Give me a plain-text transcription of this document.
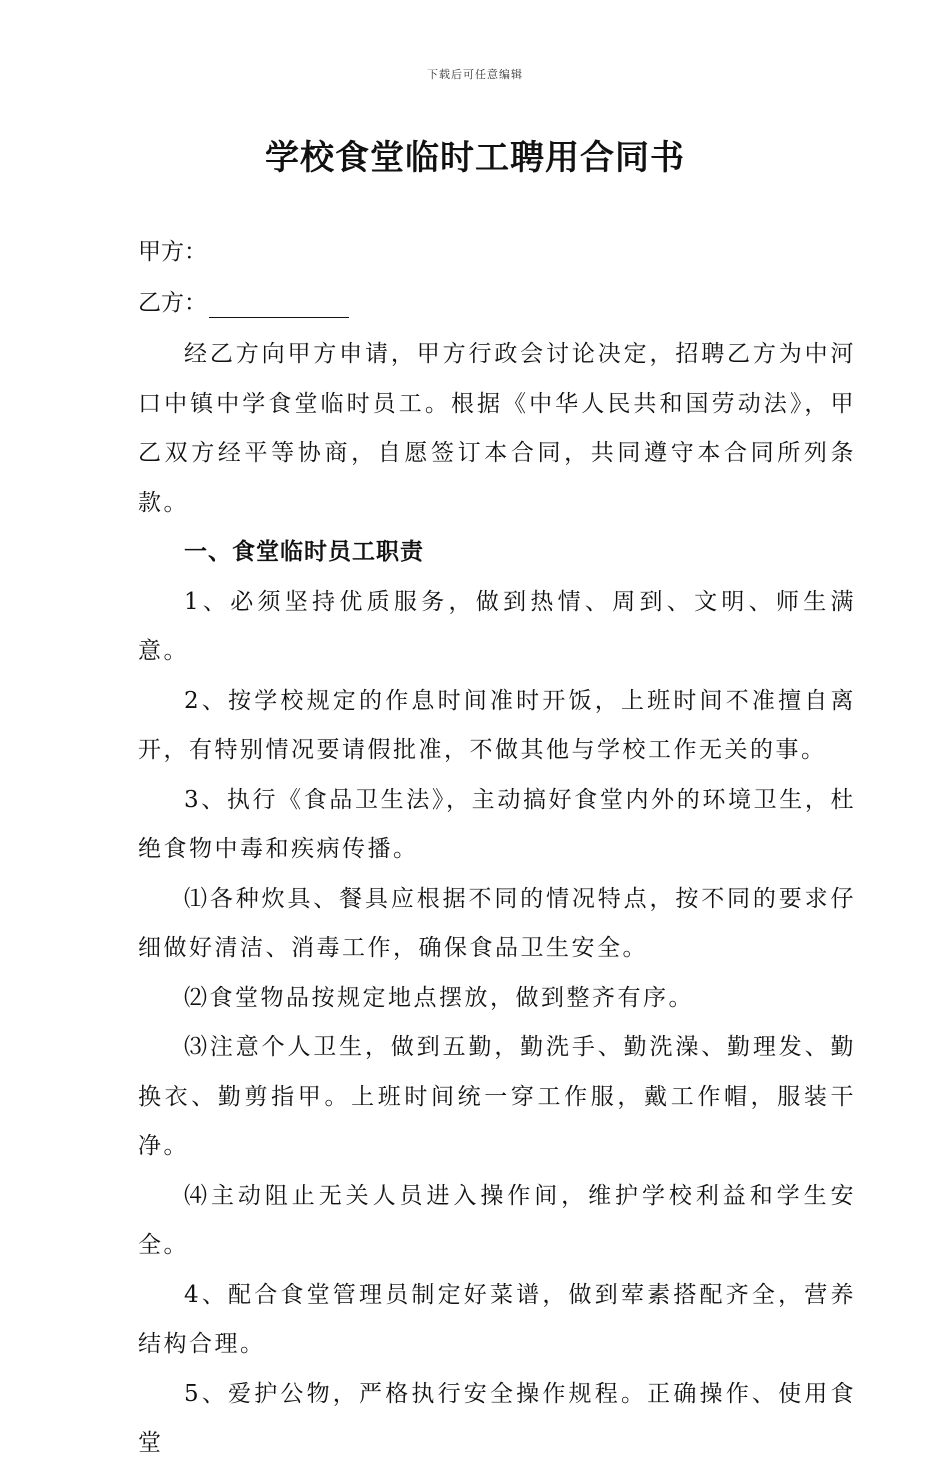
下载后可任意编辑
学校食堂临时工聘用合同书
甲方：
乙方：

经乙方向甲方申请，甲方行政会讨论决定，招聘乙方为中河口中镇中学食堂临时员工。根据《中华人民共和国劳动法》，甲乙双方经平等协商，自愿签订本合同，共同遵守本合同所列条款。

一、食堂临时员工职责

1、必须坚持优质服务，做到热情、周到、文明、师生满意。

2、按学校规定的作息时间准时开饭，上班时间不准擅自离开，有特别情况要请假批准，不做其他与学校工作无关的事。

3、执行《食品卫生法》，主动搞好食堂内外的环境卫生，杜绝食物中毒和疾病传播。

⑴各种炊具、餐具应根据不同的情况特点，按不同的要求仔细做好清洁、消毒工作，确保食品卫生安全。

⑵食堂物品按规定地点摆放，做到整齐有序。

⑶注意个人卫生，做到五勤，勤洗手、勤洗澡、勤理发、勤换衣、勤剪指甲。上班时间统一穿工作服，戴工作帽，服装干净。

⑷主动阻止无关人员进入操作间，维护学校利益和学生安全。

4、配合食堂管理员制定好菜谱，做到荤素搭配齐全，营养结构合理。

5、爱护公物，严格执行安全操作规程。正确操作、使用食堂
